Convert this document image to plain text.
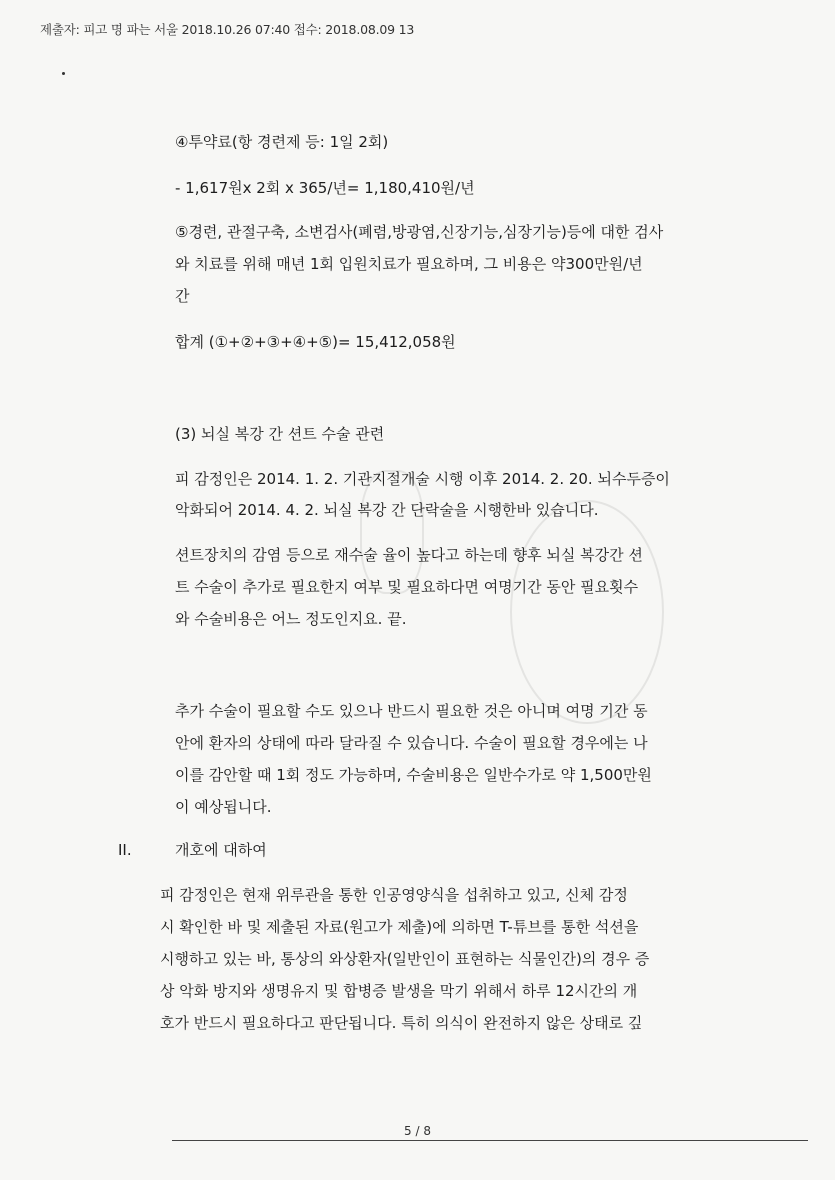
제출자: 피고 명 파는 서울 2018.10.26 07:40 접수: 2018.08.09 13
④투약료(항 경련제 등: 1일 2회)
- 1,617원x 2회 x 365/년= 1,180,410원/년
⑤경련, 관절구축, 소변검사(폐렴,방광염,신장기능,심장기능)등에 대한 검사
와 치료를 위해 매년 1회 입원치료가 필요하며, 그 비용은 약300만원/년
간
합계 (①+②+③+④+⑤)= 15,412,058원
(3) 뇌실 복강 간 션트 수술 관련
피 감정인은 2014. 1. 2. 기관지절개술 시행 이후 2014. 2. 20. 뇌수두증이
악화되어 2014. 4. 2. 뇌실 복강 간 단락술을 시행한바 있습니다.
션트장치의 감염 등으로 재수술 율이 높다고 하는데 향후 뇌실 복강간 션
트 수술이 추가로 필요한지 여부 및 필요하다면 여명기간 동안 필요횟수
와 수술비용은 어느 정도인지요. 끝.
추가 수술이 필요할 수도 있으나 반드시 필요한 것은 아니며 여명 기간 동
안에 환자의 상태에 따라 달라질 수 있습니다. 수술이 필요할 경우에는 나
이를 감안할 때 1회 정도 가능하며, 수술비용은 일반수가로 약 1,500만원
이 예상됩니다.
II.	개호에 대하여
피 감정인은 현재 위루관을 통한 인공영양식을 섭취하고 있고, 신체 감정
시 확인한 바 및 제출된 자료(원고가 제출)에 의하면 T-튜브를 통한 석션을
시행하고 있는 바, 통상의 와상환자(일반인이 표현하는 식물인간)의 경우 증
상 악화 방지와 생명유지 및 합병증 발생을 막기 위해서 하루 12시간의 개
호가 반드시 필요하다고 판단됩니다. 특히 의식이 완전하지 않은 상태로 깊
5 / 8
